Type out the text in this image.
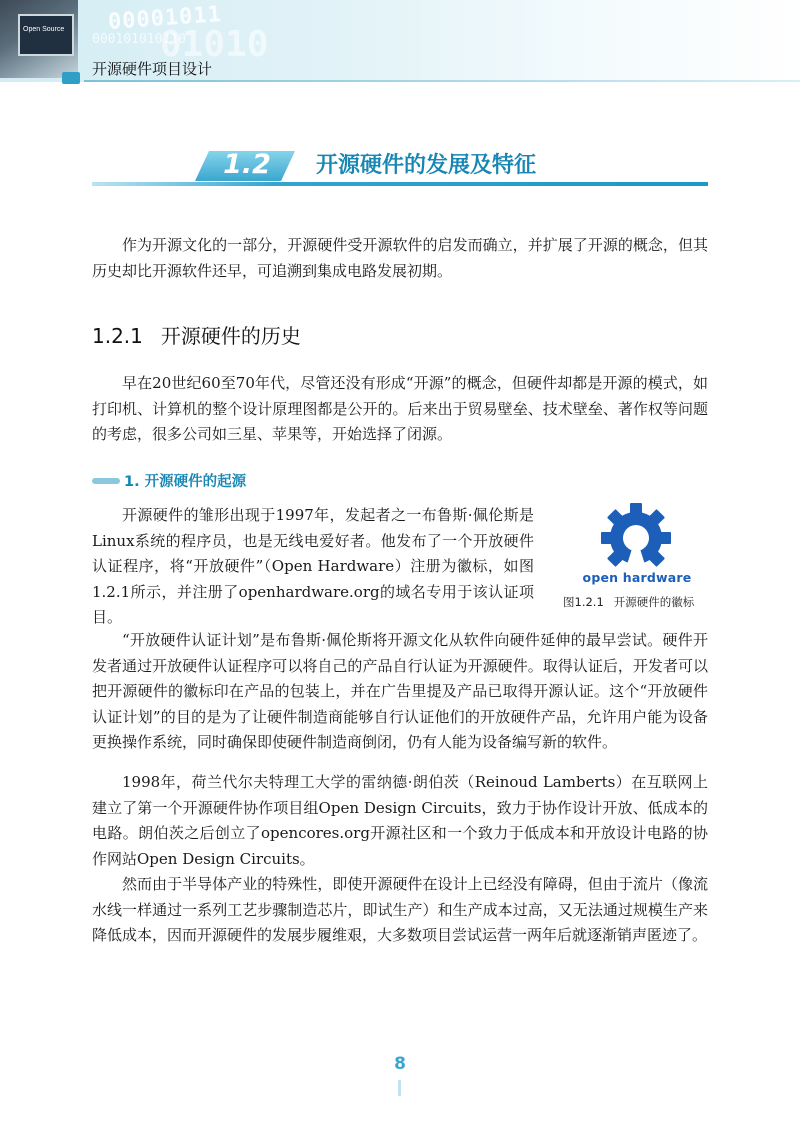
Open Source 00001011
000101010110
01010
开源硬件项目设计
1.2	开源硬件的发展及特征

作为开源文化的一部分，开源硬件受开源软件的启发而确立，并扩展了开源的概念，但其历史却比开源软件还早，可追溯到集成电路发展初期。

1.2.1 开源硬件的历史

早在20世纪60至70年代，尽管还没有形成“开源”的概念，但硬件却都是开源的模式，如打印机、计算机的整个设计原理图都是公开的。后来出于贸易壁垒、技术壁垒、著作权等问题的考虑，很多公司如三星、苹果等，开始选择了闭源。

1. 开源硬件的起源

开源硬件的雏形出现于1997年，发起者之一布鲁斯·佩伦斯是Linux系统的程序员，也是无线电爱好者。他发布了一个开放硬件认证程序，将“开放硬件”（Open Hardware）注册为徽标，如图1.2.1所示，并注册了openhardware.org的域名专用于该认证项目。

open hardware
图1.2.1 开源硬件的徽标

“开放硬件认证计划”是布鲁斯·佩伦斯将开源文化从软件向硬件延伸的最早尝试。硬件开发者通过开放硬件认证程序可以将自己的产品自行认证为开源硬件。取得认证后，开发者可以把开源硬件的徽标印在产品的包装上，并在广告里提及产品已取得开源认证。这个“开放硬件认证计划”的目的是为了让硬件制造商能够自行认证他们的开放硬件产品，允许用户能为设备更换操作系统，同时确保即使硬件制造商倒闭，仍有人能为设备编写新的软件。

1998年，荷兰代尔夫特理工大学的雷纳德·朗伯茨（Reinoud Lamberts）在互联网上建立了第一个开源硬件协作项目组Open Design Circuits，致力于协作设计开放、低成本的电路。朗伯茨之后创立了opencores.org开源社区和一个致力于低成本和开放设计电路的协作网站Open Design Circuits。

然而由于半导体产业的特殊性，即使开源硬件在设计上已经没有障碍，但由于流片（像流水线一样通过一系列工艺步骤制造芯片，即试生产）和生产成本过高，又无法通过规模生产来降低成本，因而开源硬件的发展步履维艰，大多数项目尝试运营一两年后就逐渐销声匿迹了。

8
